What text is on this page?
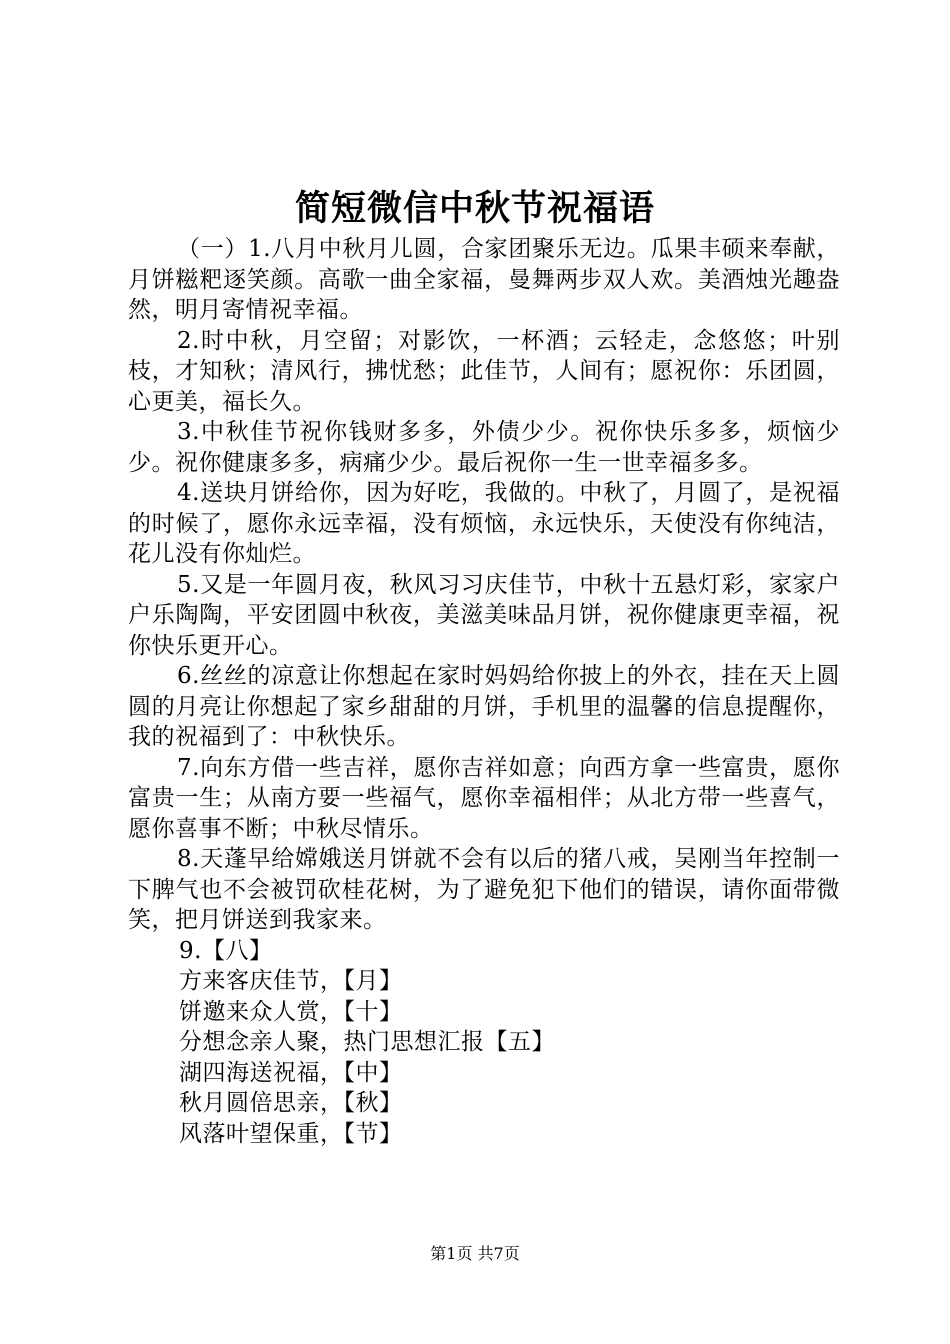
简短微信中秋节祝福语

（一）1.八月中秋月儿圆，合家团聚乐无边。瓜果丰硕来奉献，月饼糍粑逐笑颜。高歌一曲全家福，曼舞两步双人欢。美酒烛光趣盎然，明月寄情祝幸福。

2.时中秋，月空留；对影饮，一杯酒；云轻走，念悠悠；叶别枝，才知秋；清风行，拂忧愁；此佳节，人间有；愿祝你：乐团圆，心更美，福长久。

3.中秋佳节祝你钱财多多，外债少少。祝你快乐多多，烦恼少少。祝你健康多多，病痛少少。最后祝你一生一世幸福多多。

4.送块月饼给你，因为好吃，我做的。中秋了，月圆了，是祝福的时候了，愿你永远幸福，没有烦恼，永远快乐，天使没有你纯洁，花儿没有你灿烂。

5.又是一年圆月夜，秋风习习庆佳节，中秋十五悬灯彩，家家户户乐陶陶，平安团圆中秋夜，美滋美味品月饼，祝你健康更幸福，祝你快乐更开心。

6.丝丝的凉意让你想起在家时妈妈给你披上的外衣，挂在天上圆圆的月亮让你想起了家乡甜甜的月饼，手机里的温馨的信息提醒你，我的祝福到了：中秋快乐。

7.向东方借一些吉祥，愿你吉祥如意；向西方拿一些富贵，愿你富贵一生；从南方要一些福气，愿你幸福相伴；从北方带一些喜气，愿你喜事不断；中秋尽情乐。

8.天蓬早给嫦娥送月饼就不会有以后的猪八戒，吴刚当年控制一下脾气也不会被罚砍桂花树，为了避免犯下他们的错误，请你面带微笑，把月饼送到我家来。

9.【八】

方来客庆佳节，【月】

饼邀来众人赏，【十】

分想念亲人聚，热门思想汇报【五】

湖四海送祝福，【中】

秋月圆倍思亲，【秋】

风落叶望保重，【节】

第1页 共7页
